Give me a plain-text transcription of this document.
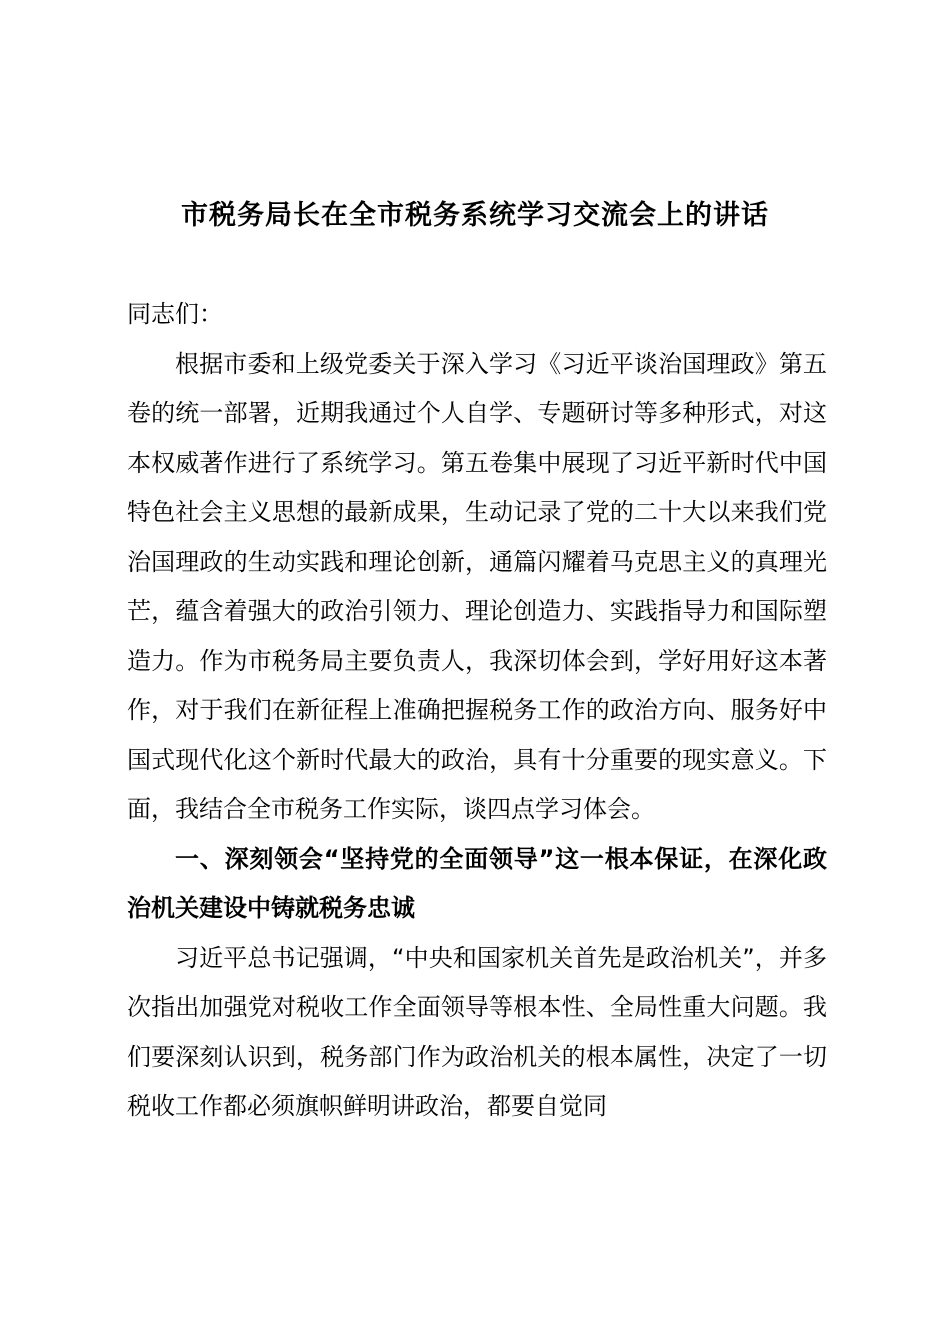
市税务局长在全市税务系统学习交流会上的讲话

同志们：

根据市委和上级党委关于深入学习《习近平谈治国理政》第五卷的统一部署，近期我通过个人自学、专题研讨等多种形式，对这本权威著作进行了系统学习。第五卷集中展现了习近平新时代中国特色社会主义思想的最新成果，生动记录了党的二十大以来我们党治国理政的生动实践和理论创新，通篇闪耀着马克思主义的真理光芒，蕴含着强大的政治引领力、理论创造力、实践指导力和国际塑造力。作为市税务局主要负责人，我深切体会到，学好用好这本著作，对于我们在新征程上准确把握税务工作的政治方向、服务好中国式现代化这个新时代最大的政治，具有十分重要的现实意义。下面，我结合全市税务工作实际，谈四点学习体会。

一、深刻领会“坚持党的全面领导”这一根本保证，在深化政治机关建设中铸就税务忠诚

习近平总书记强调，“中央和国家机关首先是政治机关”，并多次指出加强党对税收工作全面领导等根本性、全局性重大问题。我们要深刻认识到，税务部门作为政治机关的根本属性，决定了一切税收工作都必须旗帜鲜明讲政治，都要自觉同
